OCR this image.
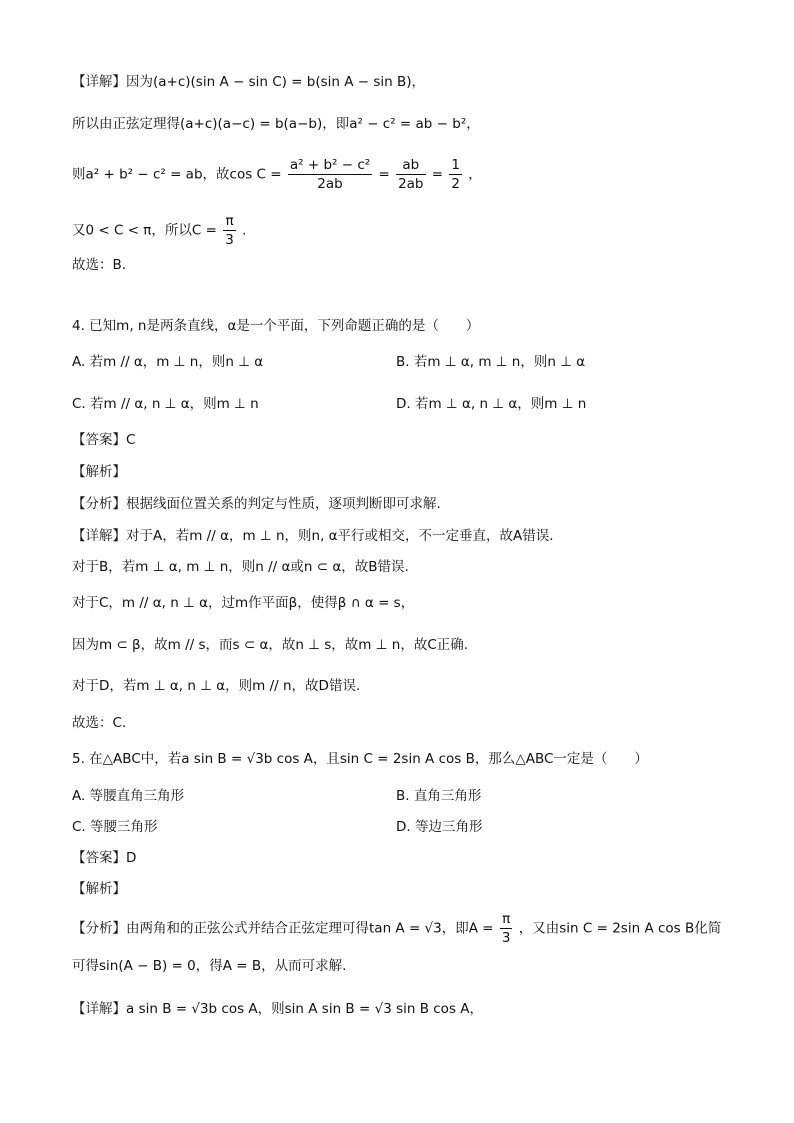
【详解】因为(a+c)(sin A − sin C) = b(sin A − sin B)，
所以由正弦定理得(a+c)(a−c) = b(a−b)，即a² − c² = ab − b²，
则a² + b² − c² = ab，故$\cos C = \frac{\text{a² + b² − c²}}{2ab} = \frac{ab}{2ab} = \frac{1}{2}$ ，
又0 < C < π，所以$C = \frac{\pi}{3}$ .
故选：B.
4. 已知m, n是两条直线，α是一个平面，下列命题正确的是（　　）
A. 若m // α，m ⊥ n，则n ⊥ α	B. 若m ⊥ α, m ⊥ n，则n ⊥ α
C. 若m // α, n ⊥ α，则m ⊥ n	D. 若m ⊥ α, n ⊥ α，则m ⊥ n
【答案】C
【解析】
【分析】根据线面位置关系的判定与性质，逐项判断即可求解.
【详解】对于A，若m // α，m ⊥ n，则n, α平行或相交，不一定垂直，故A错误.
对于B，若m ⊥ α, m ⊥ n，则n // α或n ⊂ α，故B错误.
对于C，m // α, n ⊥ α，过m作平面β，使得β ∩ α = s，
因为m ⊂ β，故m // s，而s ⊂ α，故n ⊥ s，故m ⊥ n，故C正确.
对于D，若m ⊥ α, n ⊥ α，则m // n，故D错误.
故选：C.
5. 在△ABC中，若a sin B = √3b cos A，且sin C = 2sin A cos B，那么△ABC一定是（　　）
A. 等腰直角三角形	B. 直角三角形
C. 等腰三角形	D. 等边三角形
【答案】D
【解析】
【分析】由两角和的正弦公式并结合正弦定理可得tan A = √3，即$A = \frac{\pi}{3}$ ，又由sin C = 2sin A cos B化简
可得sin(A − B) = 0，得A = B，从而可求解.
【详解】a sin B = √3b cos A，则sin A sin B = √3 sin B cos A，
